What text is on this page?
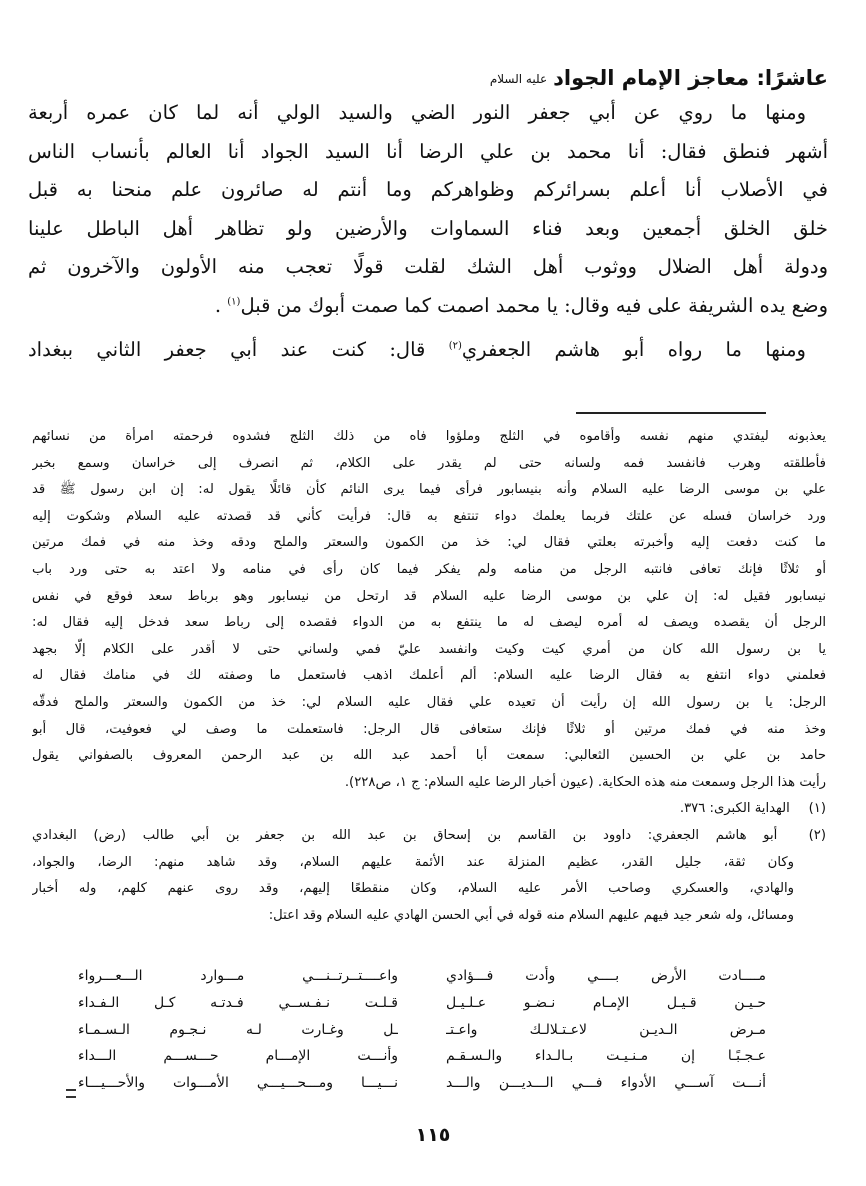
عاشرًا: معاجز الإمام الجوادعليه السلام
ومنها ما روي عن أبي جعفر النور الضي والسيد الولي أنه لما كان عمره أربعة
أشهر فنطق فقال: أنا محمد بن علي الرضا أنا السيد الجواد أنا العالم بأنساب الناس
في الأصلاب أنا أعلم بسرائركم وظواهركم وما أنتم له صائرون علم منحنا به قبل
خلق الخلق أجمعين وبعد فناء السماوات والأرضين ولو تظاهر أهل الباطل علينا
ودولة أهل الضلال ووثوب أهل الشك لقلت قولًا تعجب منه الأولون والآخرون ثم
وضع يده الشريفة على فيه وقال: يا محمد اصمت كما صمت أبوك من قبل$^{(١)}$ .
ومنها ما رواه أبو هاشم الجعفري$^{(٢)}$ قال: كنت عند أبي جعفر الثاني ببغداد
يعذبونه ليفتدي منهم نفسه وأقاموه في الثلج وملؤوا فاه من ذلك الثلج فشدوه فرحمته امرأة من نسائهم
فأطلقته وهرب فانفسد فمه ولسانه حتى لم يقدر على الكلام، ثم انصرف إلى خراسان وسمع بخبر
علي بن موسى الرضا عليه السلام وأنه بنيسابور فرأى فيما يرى النائم كأن قائلًا يقول له: إن ابن رسول ﷺ قد
ورد خراسان فسله عن علتك فربما يعلمك دواء تنتفع به قال: فرأيت كأني قد قصدته عليه السلام وشكوت إليه
ما كنت دفعت إليه وأخبرته بعلتي فقال لي: خذ من الكمون والسعتر والملح ودقه وخذ منه في فمك مرتين
أو ثلاثًا فإنك تعافى فانتبه الرجل من منامه ولم يفكر فيما كان رأى في منامه ولا اعتد به حتى ورد باب
نيسابور فقيل له: إن علي بن موسى الرضا عليه السلام قد ارتحل من نيسابور وهو برباط سعد فوقع في نفس
الرجل أن يقصده ويصف له أمره ليصف له ما ينتفع به من الدواء فقصده إلى رباط سعد فدخل إليه فقال له:
يا بن رسول الله كان من أمري كيت وكيت وانفسد عليّ فمي ولساني حتى لا أقدر على الكلام إلّا بجهد
فعلمني دواء انتفع به فقال الرضا عليه السلام: ألم أعلمك اذهب فاستعمل ما وصفته لك في منامك فقال له
الرجل: يا بن رسول الله إن رأيت أن تعيده علي فقال عليه السلام لي: خذ من الكمون والسعتر والملح فدقّه
وخذ منه في فمك مرتين أو ثلاثًا فإنك ستعافى قال الرجل: فاستعملت ما وصف لي فعوفيت، قال أبو
حامد بن علي بن الحسين الثعالبي: سمعت أبا أحمد عبد الله بن عبد الرحمن المعروف بالصفواني يقول
رأيت هذا الرجل وسمعت منه هذه الحكاية. (عيون أخبار الرضا عليه السلام: ج ١، ص٢٢٨).
(١) الهداية الكبرى: ٣٧٦.
(٢) أبو هاشم الجعفري: داوود بن القاسم بن إسحاق بن عبد الله بن جعفر بن أبي طالب (رض) البغدادي
وكان ثقة، جليل القدر، عظيم المنزلة عند الأئمة عليهم السلام، وقد شاهد منهم: الرضا، والجواد،
والهادي، والعسكري وصاحب الأمر عليه السلام، وكان منقطعًا إليهم، وقد روى عنهم كلهم، وله أخبار
ومسائل، وله شعر جيد فيهم عليهم السلام منه قوله في أبي الحسن الهادي عليه السلام وقد اعتل:
مــــادت الأرض بــــي وأدت فـــؤادي
واعــــتــرتــنـــي مـــوارد الـــعـــرواء
حـيـن قـيـل الإمـام نـضـو عـلـيـل
قـلـت نـفـســي فـدتـه كـل الـفـداء
مـرض الـديـن لاعـتـلالـك واعـتـ
ـل وغـارت لـه نـجـوم الـسـمـاء
عـجـبًـا إن مـنـيـت بـالـداء والـسـقـم
وأنـــت الإمـــام حـــســـم الـــداء
أنـــت آســـي الأدواء فـــي الـــديـــن والـــد
نـــيـــا ومـــحـــيـــي الأمـــوات والأحـــيـــاء
١١٥
